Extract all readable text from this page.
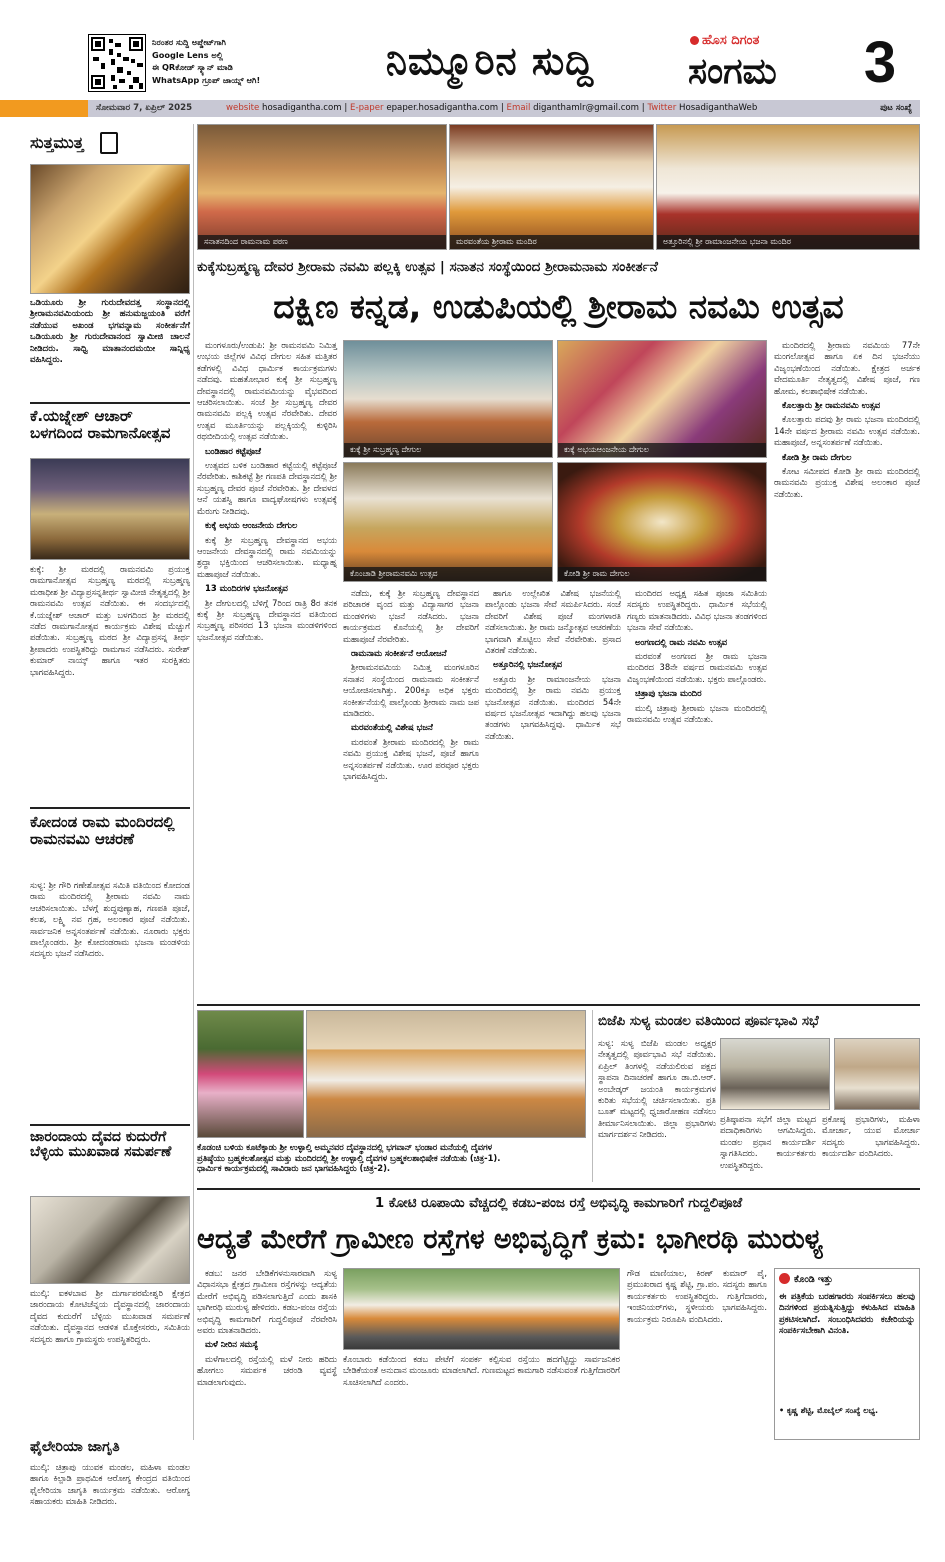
ನಿರಂತರ ಸುದ್ದಿ ಅಪ್ಡೇಟ್‌ಗಾಗಿ
Google Lens ಅಲ್ಲಿ
ಈ QRಕೋಡ್ ಸ್ಕ್ಯಾನ್ ಮಾಡಿ
WhatsApp ಗ್ರೂಪ್ ಜಾಯ್ನ್ ಆಗಿ!	ನಿಮ್ಮೂರಿನ ಸುದ್ದಿ	ಹೊಸ ದಿಗಂತ
ಸಂಗಮ	3
ಸೋಮವಾರ 7, ಏಪ್ರಿಲ್ 2025	website hosadigantha.com | E-paper epaper.hosadigantha.com | Email diganthamlr@gmail.com | Twitter HosadiganthaWeb	ಪುಟ ಸಂಖ್ಯೆ
ಸುತ್ತಮುತ್ತ
ಒಡಿಯೂರು ಶ್ರೀ ಗುರುದೇವದತ್ತ ಸಂಸ್ಥಾನದಲ್ಲಿ ಶ್ರೀರಾಮನವಮಿಯಂದು ಶ್ರೀ ಹನುಮಜ್ಜಯಂತಿ ವರೆಗೆ ನಡೆಯುವ ಅಖಂಡ ಭಗವನ್ನಾಮ ಸಂಕೀರ್ತನೆಗೆ ಒಡಿಯೂರು ಶ್ರೀ ಗುರುದೇವಾನಂದ ಸ್ವಾಮೀಜಿ ಚಾಲನೆ ನೀಡಿದರು. ಸಾಧ್ವಿ ಮಾತಾನಂದಮಯೀ ಸಾನ್ನಿಧ್ಯ ವಹಿಸಿದ್ದರು.
ಕೆ.ಯಜ್ನೇಶ್ ಆಚಾರ್ ಬಳಗದಿಂದ ರಾಮಗಾನೋತ್ಸವ
ಕುಕ್ಕೆ: ಶ್ರೀ ಮಠದಲ್ಲಿ ರಾಮನವಮಿ ಪ್ರಯುಕ್ತ ರಾಮಗಾನೋತ್ಸವ ಸುಬ್ರಹ್ಮಣ್ಯ ಮಠದಲ್ಲಿ ಸುಬ್ರಹ್ಮಣ್ಯ ಮಠಾಧೀಶ ಶ್ರೀ ವಿದ್ಯಾಪ್ರಸನ್ನತೀರ್ಥ ಸ್ವಾಮೀಜಿ ನೇತೃತ್ವದಲ್ಲಿ ಶ್ರೀ ರಾಮನವಮಿ ಉತ್ಸವ ನಡೆಯಿತು. ಈ ಸಂದರ್ಭದಲ್ಲಿ ಕೆ.ಯಜ್ನೇಶ್ ಆಚಾರ್ ಮತ್ತು ಬಳಗದಿಂದ ಶ್ರೀ ಮಠದಲ್ಲಿ ನಡೆದ ರಾಮಗಾನೋತ್ಸವ ಕಾರ್ಯಕ್ರಮ ವಿಶೇಷ ಮೆಚ್ಚುಗೆ ಪಡೆಯಿತು. ಸುಬ್ರಹ್ಮಣ್ಯ ಮಠದ ಶ್ರೀ ವಿದ್ಯಾಪ್ರಸನ್ನ ತೀರ್ಥ ಶ್ರೀಪಾದರು ಉಪಸ್ಥಿತರಿದ್ದು ರಾಮಗಾನ ನಡೆಸಿದರು. ಸುರೇಶ್ ಕುಮಾರ್ ನಾಯ್ಕ್ ಹಾಗೂ ಇತರ ಸುರಕ್ಷಿತರು ಭಾಗವಹಿಸಿದ್ದರು.
ಕೋದಂಡ ರಾಮ ಮಂದಿರದಲ್ಲಿ ರಾಮನವಮಿ ಆಚರಣೆ
ಸುಳ್ಯ: ಶ್ರೀ ಗೌರಿ ಗಣೇಶೋತ್ಸವ ಸಮಿತಿ ವತಿಯಿಂದ ಕೋದಂಡ ರಾಮ ಮಂದಿರದಲ್ಲಿ ಶ್ರೀರಾಮ ನವಮಿ ನಾಮ ಆಚರಿಸಲಾಯಿತು. ಬೆಳಗ್ಗೆ ಶುದ್ಧಪುಣ್ಯಾಹ, ಗಣಪತಿ ಪೂಜೆ, ಕಲಶ, ಲಕ್ಷ್ಮಿ ನವ ಗ್ರಹ, ಅಲಂಕಾರ ಪೂಜೆ ನಡೆಯಿತು. ಸಾರ್ವಜನಿಕ ಅನ್ನಸಂತರ್ಪಣೆ ನಡೆಯಿತು. ನೂರಾರು ಭಕ್ತರು ಪಾಲ್ಗೊಂಡರು. ಶ್ರೀ ಕೋದಂಡರಾಮ ಭಜನಾ ಮಂಡಳಿಯ ಸದಸ್ಯರು ಭಜನೆ ನಡೆಸಿದರು.
ಜಾರಂದಾಯ ದೈವದ ಕುದುರೆಗೆ ಬೆಳ್ಳಿಯ ಮುಖವಾಡ ಸಮರ್ಪಣೆ
ಮುಲ್ಕಿ: ಐಕಳಬಾವ ಶ್ರೀ ದುರ್ಗಾಪರಮೇಶ್ವರಿ ಕ್ಷೇತ್ರದ ಜಾರಂದಾಯ ಕೋಟಿಚೆನ್ನಯ ದೈವಸ್ಥಾನದಲ್ಲಿ ಜಾರಂದಾಯ ದೈವದ ಕುದುರೆಗೆ ಬೆಳ್ಳಿಯ ಮುಖವಾಡ ಸಮರ್ಪಣೆ ನಡೆಯಿತು. ದೈವಸ್ಥಾನದ ಆಡಳಿತ ಮೊಕ್ತೇಸರರು, ಸಮಿತಿಯ ಸದಸ್ಯರು ಹಾಗೂ ಗ್ರಾಮಸ್ಥರು ಉಪಸ್ಥಿತರಿದ್ದರು.
ಫೈಲೇರಿಯಾ ಜಾಗೃತಿ
ಮುಲ್ಕಿ: ಚಿತ್ರಾಪು ಯುವಕ ಮಂಡಲ, ಮಹಿಳಾ ಮಂಡಲ ಹಾಗೂ ಕಿಲ್ಪಾಡಿ ಪ್ರಾಥಮಿಕ ಆರೋಗ್ಯ ಕೇಂದ್ರದ ವತಿಯಿಂದ ಫೈಲೇರಿಯಾ ಜಾಗೃತಿ ಕಾರ್ಯಕ್ರಮ ನಡೆಯಿತು. ಆರೋಗ್ಯ ಸಹಾಯಕರು ಮಾಹಿತಿ ನೀಡಿದರು.
ಸನಾತನದಿಂದ ರಾಮನಾಮ ಪಠಣ	ಮರವಂತೆಯ ಶ್ರೀರಾಮ ಮಂದಿರ	ಅತ್ತೂರಿನಲ್ಲಿ ಶ್ರೀ ರಾಮಾಂಜನೇಯ ಭಜನಾ ಮಂದಿರ
ಕುಕ್ಕೆಸುಬ್ರಹ್ಮಣ್ಯ ದೇವರ ಶ್ರೀರಾಮ ನವಮಿ ಪಲ್ಲಕ್ಕಿ ಉತ್ಸವ | ಸನಾತನ ಸಂಸ್ಥೆಯಿಂದ ಶ್ರೀರಾಮನಾಮ ಸಂಕೀರ್ತನೆ
ದಕ್ಷಿಣ ಕನ್ನಡ, ಉಡುಪಿಯಲ್ಲಿ ಶ್ರೀರಾಮ ನವಮಿ ಉತ್ಸವ
ಕುಕ್ಕೆ ಶ್ರೀ ಸುಬ್ರಹ್ಮಣ್ಯ ದೇಗುಲ	ಕುಕ್ಕೆ ಅಭಯಆಂಜನೇಯ ದೇಗುಲ
ಕೊಂಚಾಡಿ ಶ್ರೀರಾಮನವಮಿ ಉತ್ಸವ	ಕೋಡಿ ಶ್ರೀ ರಾಮ ದೇಗುಲ

ಮಂಗಳೂರು/ಉಡುಪಿ: ಶ್ರೀ ರಾಮನವಮಿ ನಿಮಿತ್ತ ಉಭಯ ಜಿಲ್ಲೆಗಳ ವಿವಿಧ ದೇಗುಲ ಸಹಿತ ಮತ್ತಿತರ ಕಡೆಗಳಲ್ಲಿ ವಿವಿಧ ಧಾರ್ಮಿಕ ಕಾರ್ಯಕ್ರಮಗಳು ನಡೆದವು. ಮಹತೋಭಾರ ಕುಕ್ಕೆ ಶ್ರೀ ಸುಬ್ರಹ್ಮಣ್ಯ ದೇವಸ್ಥಾನದಲ್ಲಿ ರಾಮನವಮಿಯನ್ನು ವೈಭವದಿಂದ ಆಚರಿಸಲಾಯಿತು. ಸಂಜೆ ಶ್ರೀ ಸುಬ್ರಹ್ಮಣ್ಯ ದೇವರ ರಾಮನವಮಿ ಪಲ್ಲಕ್ಕಿ ಉತ್ಸವ ನೆರವೇರಿತು. ದೇವರ ಉತ್ಸವ ಮೂರ್ತಿಯನ್ನು ಪಲ್ಲಕ್ಕಿಯಲ್ಲಿ ಕುಳ್ಳಿರಿಸಿ ರಥಬೀದಿಯಲ್ಲಿ ಉತ್ಸವ ನಡೆಯಿತು.

ಬಂಡಿಹಾರ ಕಟ್ಟೆಪೂಜೆ

ಉತ್ಸವದ ಬಳಿಕ ಬಂಡಿಹಾರ ಕಟ್ಟೆಯಲ್ಲಿ ಕಟ್ಟೆಪೂಜೆ ನೆರವೇರಿತು. ಕಾಶಿಕಟ್ಟೆ ಶ್ರೀ ಗಣಪತಿ ದೇವಸ್ಥಾನದಲ್ಲಿ ಶ್ರೀ ಸುಬ್ರಹ್ಮಣ್ಯ ದೇವರ ಪೂಜೆ ನೆರವೇರಿತು. ಶ್ರೀ ದೇವಳದ ಆನೆ ಯಶಸ್ವಿ ಹಾಗೂ ವಾದ್ಯಘೋಷಗಳು ಉತ್ಸವಕ್ಕೆ ಮೆರುಗು ನೀಡಿದವು.

ಕುಕ್ಕೆ ಅಭಯ ಆಂಜನೇಯ ದೇಗುಲ

ಕುಕ್ಕೆ ಶ್ರೀ ಸುಬ್ರಹ್ಮಣ್ಯ ದೇವಸ್ಥಾನದ ಅಭಯ ಆಂಜನೇಯ ದೇವಸ್ಥಾನದಲ್ಲಿ ರಾಮ ನವಮಿಯನ್ನು ಶ್ರದ್ಧಾ ಭಕ್ತಿಯಿಂದ ಆಚರಿಸಲಾಯಿತು. ಮಧ್ಯಾಹ್ನ ಮಹಾಪೂಜೆ ನಡೆಯಿತು.

13 ಮಂದಿರಗಳ ಭಜನೋತ್ಸವ

ಶ್ರೀ ದೇಗುಲದಲ್ಲಿ ಬೆಳಿಗ್ಗೆ 7ರಿಂದ ರಾತ್ರಿ 8ರ ತನಕ ಕುಕ್ಕೆ ಶ್ರೀ ಸುಬ್ರಹ್ಮಣ್ಯ ದೇವಸ್ಥಾನದ ವತಿಯಿಂದ ಸುಬ್ರಹ್ಮಣ್ಯ ಪರಿಸರದ 13 ಭಜನಾ ಮಂಡಳಿಗಳಿಂದ ಭಜನೋತ್ಸವ ನಡೆಯಿತು.

ನಡೆದು, ಕುಕ್ಕೆ ಶ್ರೀ ಸುಬ್ರಹ್ಮಣ್ಯ ದೇವಸ್ಥಾನದ ಪರಿಚಾರಕ ವೃಂದ ಮತ್ತು ವಿದ್ಯಾಸಾಗರ ಭಜನಾ ಮಂಡಳಿಗಳು ಭಜನೆ ನಡೆಸಿದರು. ಭಜನಾ ಕಾರ್ಯಕ್ರಮದ ಕೊನೆಯಲ್ಲಿ ಶ್ರೀ ದೇವರಿಗೆ ಮಹಾಪೂಜೆ ನೆರವೇರಿತು.

ರಾಮನಾಮ ಸಂಕೀರ್ತನೆ ಆಯೋಜನೆ

ಶ್ರೀರಾಮನವಮಿಯ ನಿಮಿತ್ತ ಮಂಗಳೂರಿನ ಸನಾತನ ಸಂಸ್ಥೆಯಿಂದ ರಾಮನಾಮ ಸಂಕೀರ್ತನೆ ಆಯೋಜಿಸಲಾಗಿತ್ತು. 200ಕ್ಕೂ ಅಧಿಕ ಭಕ್ತರು ಸಂಕೀರ್ತನೆಯಲ್ಲಿ ಪಾಲ್ಗೊಂಡು ಶ್ರೀರಾಮ ನಾಮ ಜಪ ಮಾಡಿದರು.

ಮರವಂತೆಯಲ್ಲಿ ವಿಶೇಷ ಭಜನೆ

ಮರವಂತೆ ಶ್ರೀರಾಮ ಮಂದಿರದಲ್ಲಿ ಶ್ರೀ ರಾಮ ನವಮಿ ಪ್ರಯುಕ್ತ ವಿಶೇಷ ಭಜನೆ, ಪೂಜೆ ಹಾಗೂ ಅನ್ನಸಂತರ್ಪಣೆ ನಡೆಯಿತು. ಊರ ಪರವೂರ ಭಕ್ತರು ಭಾಗವಹಿಸಿದ್ದರು.

ಹಾಗೂ ಉಲ್ಲೇಖಿತ ವಿಶೇಷ ಭಜನೆಯಲ್ಲಿ ಪಾಲ್ಗೊಂಡು ಭಜನಾ ಸೇವೆ ಸಮರ್ಪಿಸಿದರು. ಸಂಜೆ ದೇವರಿಗೆ ವಿಶೇಷ ಪೂಜೆ ಮಂಗಳಾರತಿ ನಡೆಸಲಾಯಿತು. ಶ್ರೀ ರಾಮ ಜನ್ಮೋತ್ಸವ ಆಚರಣೆಯ ಭಾಗವಾಗಿ ತೊಟ್ಟಿಲು ಸೇವೆ ನೆರವೇರಿತು. ಪ್ರಸಾದ ವಿತರಣೆ ನಡೆಯಿತು.

ಅತ್ತೂರಿನಲ್ಲಿ ಭಜನೋತ್ಸವ

ಅತ್ತೂರು ಶ್ರೀ ರಾಮಾಂಜನೇಯ ಭಜನಾ ಮಂದಿರದಲ್ಲಿ ಶ್ರೀ ರಾಮ ನವಮಿ ಪ್ರಯುಕ್ತ ಭಜನೋತ್ಸವ ನಡೆಯಿತು. ಮಂದಿರದ 54ನೇ ವರ್ಷದ ಭಜನೋತ್ಸವ ಇದಾಗಿದ್ದು ಹಲವು ಭಜನಾ ತಂಡಗಳು ಭಾಗವಹಿಸಿದ್ದವು. ಧಾರ್ಮಿಕ ಸಭೆ ನಡೆಯಿತು.

ಮಂದಿರದ ಅಧ್ಯಕ್ಷ ಸಹಿತ ಪೂಜಾ ಸಮಿತಿಯ ಸದಸ್ಯರು ಉಪಸ್ಥಿತರಿದ್ದರು. ಧಾರ್ಮಿಕ ಸಭೆಯಲ್ಲಿ ಗಣ್ಯರು ಮಾತನಾಡಿದರು. ವಿವಿಧ ಭಜನಾ ತಂಡಗಳಿಂದ ಭಜನಾ ಸೇವೆ ನಡೆಯಿತು.

ಅಂಗಣದಲ್ಲಿ ರಾಮ ನವಮಿ ಉತ್ಸವ

ಮರವಂತೆ ಅಂಗಣದ ಶ್ರೀ ರಾಮ ಭಜನಾ ಮಂದಿರದ 38ನೇ ವರ್ಷದ ರಾಮನವಮಿ ಉತ್ಸವ ವಿಜೃಂಭಣೆಯಿಂದ ನಡೆಯಿತು. ಭಕ್ತರು ಪಾಲ್ಗೊಂಡರು.

ಚಿತ್ರಾಪು ಭಜನಾ ಮಂದಿರ

ಮುಲ್ಕಿ ಚಿತ್ರಾಪು ಶ್ರೀರಾಮ ಭಜನಾ ಮಂದಿರದಲ್ಲಿ ರಾಮನವಮಿ ಉತ್ಸವ ನಡೆಯಿತು.

ಮಂದಿರದಲ್ಲಿ ಶ್ರೀರಾಮ ನವಮಿಯ 77ನೇ ಮಂಗಲೋತ್ಸವ ಹಾಗೂ ಏಕ ದಿನ ಭಜನೆಯು ವಿಜೃಂಭಣೆಯಿಂದ ನಡೆಯಿತು. ಕ್ಷೇತ್ರದ ಅರ್ಚಕ ವೇದಮೂರ್ತಿ ನೇತೃತ್ವದಲ್ಲಿ ವಿಶೇಷ ಪೂಜೆ, ಗಣ ಹೋಮ, ಕಲಶಾಭಿಷೇಕ ನಡೆಯಿತು.

ಕೊಲತ್ತಾರು ಶ್ರೀ ರಾಮನವಮಿ ಉತ್ಸವ

ಕೊಲತ್ತಾರು ಪದವು ಶ್ರೀ ರಾಮ ಭಜನಾ ಮಂದಿರದಲ್ಲಿ 14ನೇ ವರ್ಷದ ಶ್ರೀರಾಮ ನವಮಿ ಉತ್ಸವ ನಡೆಯಿತು. ಮಹಾಪೂಜೆ, ಅನ್ನಸಂತರ್ಪಣೆ ನಡೆಯಿತು.

ಕೋಡಿ ಶ್ರೀ ರಾಮ ದೇಗುಲ

ಕೋಟ ಸಮೀಪದ ಕೋಡಿ ಶ್ರೀ ರಾಮ ಮಂದಿರದಲ್ಲಿ ರಾಮನವಮಿ ಪ್ರಯುಕ್ತ ವಿಶೇಷ ಅಲಂಕಾರ ಪೂಜೆ ನಡೆಯಿತು.

ಕೊಡಂಚಿ ಬಳಿಯ ಕೂಟೆಕ್ಕಾಡು ಶ್ರೀ ಉಳ್ಳಾಲ್ತಿ ಅಮ್ಮನವರ ದೈವಸ್ಥಾನದಲ್ಲಿ ಭಗವಾನ್ ಭಂಡಾರ ಮನೆಯಲ್ಲಿ ದೈವಗಳ
ಪ್ರತಿಷ್ಠೆಯು ಬ್ರಹ್ಮಕಲಶೋತ್ಸವ ಮತ್ತು ಮಂದಿರದಲ್ಲಿ ಶ್ರೀ ಉಳ್ಳಾಲ್ತಿ ದೈವಗಳ ಬ್ರಹ್ಮಕಲಶಾಭಿಷೇಕ ನಡೆಯಿತು (ಚಿತ್ರ-1).
ಧಾರ್ಮಿಕ ಕಾರ್ಯಕ್ರಮದಲ್ಲಿ ಸಾವಿರಾರು ಜನ ಭಾಗವಹಿಸಿದ್ದರು (ಚಿತ್ರ-2).
ಬಿಜೆಪಿ ಸುಳ್ಯ ಮಂಡಲ ವತಿಯಿಂದ ಪೂರ್ವಭಾವಿ ಸಭೆ
ಸುಳ್ಯ: ಸುಳ್ಯ ಬಿಜೆಪಿ ಮಂಡಲ ಅಧ್ಯಕ್ಷರ ನೇತೃತ್ವದಲ್ಲಿ ಪೂರ್ವಭಾವಿ ಸಭೆ ನಡೆಯಿತು. ಏಪ್ರಿಲ್ ತಿಂಗಳಲ್ಲಿ ನಡೆಯಲಿರುವ ಪಕ್ಷದ ಸ್ಥಾಪನಾ ದಿನಾಚರಣೆ ಹಾಗೂ ಡಾ.ಬಿ.ಆರ್. ಅಂಬೇಡ್ಕರ್ ಜಯಂತಿ ಕಾರ್ಯಕ್ರಮಗಳ ಕುರಿತು ಸಭೆಯಲ್ಲಿ ಚರ್ಚಿಸಲಾಯಿತು. ಪ್ರತಿ ಬೂತ್ ಮಟ್ಟದಲ್ಲಿ ಧ್ವಜಾರೋಹಣ ನಡೆಸಲು ತೀರ್ಮಾನಿಸಲಾಯಿತು. ಜಿಲ್ಲಾ ಪ್ರಭಾರಿಗಳು ಮಾರ್ಗದರ್ಶನ ನೀಡಿದರು.
ಪ್ರತಿಷ್ಠಾಪನಾ ಸಭೆಗೆ ಜಿಲ್ಲಾ ಮಟ್ಟದ ಪದಾಧಿಕಾರಿಗಳು ಆಗಮಿಸಿದ್ದರು. ಮಂಡಲ ಪ್ರಧಾನ ಕಾರ್ಯದರ್ಶಿ ಸ್ವಾಗತಿಸಿದರು. ಕಾರ್ಯಕರ್ತರು ಉಪಸ್ಥಿತರಿದ್ದರು.
ಪ್ರಕೋಷ್ಠ ಪ್ರಭಾರಿಗಳು, ಮಹಿಳಾ ಮೋರ್ಚಾ, ಯುವ ಮೋರ್ಚಾ ಸದಸ್ಯರು ಭಾಗವಹಿಸಿದ್ದರು. ಕಾರ್ಯದರ್ಶಿ ವಂದಿಸಿದರು.
1 ಕೋಟಿ ರೂಪಾಯಿ ವೆಚ್ಚದಲ್ಲಿ ಕಡಬ-ಪಂಜ ರಸ್ತೆ ಅಭಿವೃದ್ಧಿ ಕಾಮಗಾರಿಗೆ ಗುದ್ದಲಿಪೂಜೆ
ಆದ್ಯತೆ ಮೇರೆಗೆ ಗ್ರಾಮೀಣ ರಸ್ತೆಗಳ ಅಭಿವೃದ್ಧಿಗೆ ಕ್ರಮ: ಭಾಗೀರಥಿ ಮುರುಳ್ಯ

ಕಡಬ: ಜನರ ಬೇಡಿಕೆಗಳನುಸಾರವಾಗಿ ಸುಳ್ಯ ವಿಧಾನಸಭಾ ಕ್ಷೇತ್ರದ ಗ್ರಾಮೀಣ ರಸ್ತೆಗಳನ್ನು ಆದ್ಯತೆಯ ಮೇರೆಗೆ ಅಭಿವೃದ್ಧಿ ಪಡಿಸಲಾಗುತ್ತಿದೆ ಎಂದು ಶಾಸಕಿ ಭಾಗೀರಥಿ ಮುರುಳ್ಯ ಹೇಳಿದರು. ಕಡಬ-ಪಂಜ ರಸ್ತೆಯ ಅಭಿವೃದ್ಧಿ ಕಾಮಗಾರಿಗೆ ಗುದ್ದಲಿಪೂಜೆ ನೆರವೇರಿಸಿ ಅವರು ಮಾತನಾಡಿದರು.

ಮಳೆ ನೀರಿನ ಸಮಸ್ಯೆ

ಮಳೆಗಾಲದಲ್ಲಿ ರಸ್ತೆಯಲ್ಲಿ ಮಳೆ ನೀರು ಹರಿದು ಹೋಗಲು ಸಮರ್ಪಕ ಚರಂಡಿ ವ್ಯವಸ್ಥೆ ಮಾಡಲಾಗುವುದು.

ಕೊಂಬಾರು ಕಡೆಯಿಂದ ಕಡಬ ಪೇಟೆಗೆ ಸಂಪರ್ಕ ಕಲ್ಪಿಸುವ ರಸ್ತೆಯು ಹದಗೆಟ್ಟಿದ್ದು ಸಾರ್ವಜನಿಕರ ಬೇಡಿಕೆಯಂತೆ ಅನುದಾನ ಮಂಜೂರು ಮಾಡಲಾಗಿದೆ. ಗುಣಮಟ್ಟದ ಕಾಮಗಾರಿ ನಡೆಸುವಂತೆ ಗುತ್ತಿಗೆದಾರರಿಗೆ ಸೂಚಿಸಲಾಗಿದೆ ಎಂದರು.
ಗೌಡ ಮಾಣಿಯಾಲ, ಕಿರಣ್ ಕುಮಾರ್ ಪೈ, ಪ್ರಮುಖರಾದ ಕೃಷ್ಣ ಶೆಟ್ಟಿ, ಗ್ರಾ.ಪಂ. ಸದಸ್ಯರು ಹಾಗೂ ಕಾರ್ಯಕರ್ತರು ಉಪಸ್ಥಿತರಿದ್ದರು. ಗುತ್ತಿಗೆದಾರರು, ಇಂಜಿನಿಯರ್‌ಗಳು, ಸ್ಥಳೀಯರು ಭಾಗವಹಿಸಿದ್ದರು. ಕಾರ್ಯಕ್ರಮ ನಿರೂಪಿಸಿ ವಂದಿಸಿದರು.
ಕೊಂಡಿ ಇತ್ತು
ಈ ಪತ್ರಿಕೆಯ ಬರಹಗಾರರು ಸಂಪರ್ಕಿಸಲು ಹಲವು ದಿನಗಳಿಂದ ಪ್ರಯತ್ನಿಸುತ್ತಿದ್ದು ಕಳುಹಿಸಿದ ಮಾಹಿತಿ ಪ್ರಕಟಿಸಲಾಗಿದೆ. ಸಂಬಂಧಿಸಿದವರು ಕಚೇರಿಯನ್ನು ಸಂಪರ್ಕಿಸಬೇಕಾಗಿ ವಿನಂತಿ.
• ಕೃಷ್ಣ ಶೆಟ್ಟಿ, ಮೊಬೈಲ್ ಸಂಖ್ಯೆ ಲಭ್ಯ.
